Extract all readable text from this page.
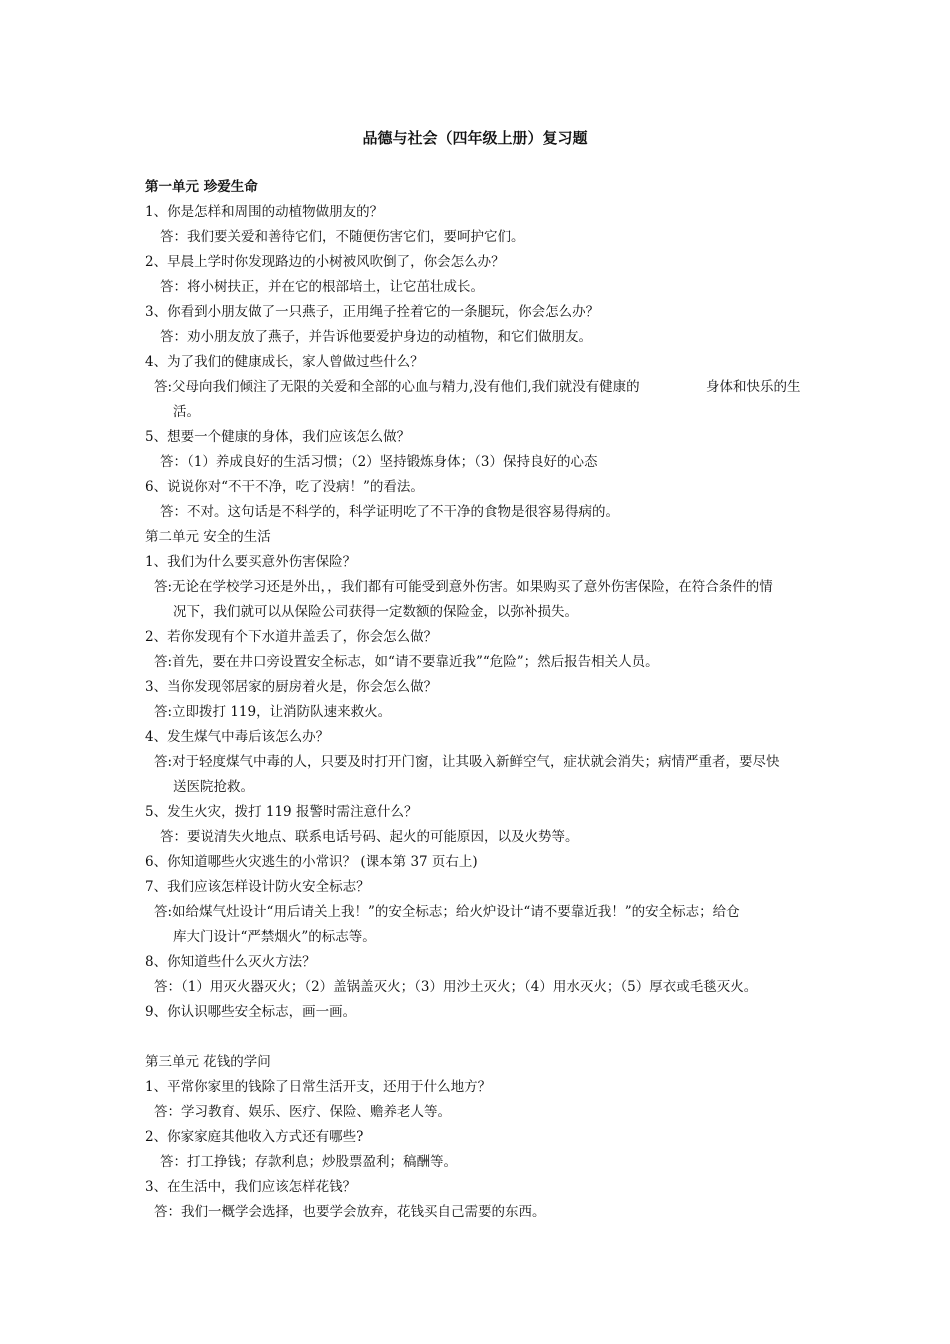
品德与社会（四年级上册）复习题
第一单元 珍爱生命
1、你是怎样和周围的动植物做朋友的？
答：我们要关爱和善待它们，不随便伤害它们，要呵护它们。
2、早晨上学时你发现路边的小树被风吹倒了，你会怎么办？
答：将小树扶正，并在它的根部培土，让它茁壮成长。
3、你看到小朋友做了一只燕子，正用绳子拴着它的一条腿玩，你会怎么办？
答：劝小朋友放了燕子，并告诉他要爱护身边的动植物，和它们做朋友。
4、为了我们的健康成长，家人曾做过些什么？
答:父母向我们倾注了无限的关爱和全部的心血与精力,没有他们,我们就没有健康的	身体和快乐的生
活。
5、想要一个健康的身体，我们应该怎么做？
答：（1）养成良好的生活习惯；（2）坚持锻炼身体；（3）保持良好的心态
6、说说你对“不干不净，吃了没病！”的看法。
答：不对。这句话是不科学的，科学证明吃了不干净的食物是很容易得病的。
第二单元 安全的生活
1、我们为什么要买意外伤害保险？
答:无论在学校学习还是外出，，我们都有可能受到意外伤害。如果购买了意外伤害保险，在符合条件的情
况下，我们就可以从保险公司获得一定数额的保险金，以弥补损失。
2、若你发现有个下水道井盖丢了，你会怎么做？
答:首先，要在井口旁设置安全标志，如“请不要靠近我”“危险”；然后报告相关人员。
3、当你发现邻居家的厨房着火是，你会怎么做？
答:立即拨打 119，让消防队速来救火。
4、发生煤气中毒后该怎么办？
答:对于轻度煤气中毒的人，只要及时打开门窗，让其吸入新鲜空气，症状就会消失；病情严重者，要尽快
送医院抢救。
5、发生火灾，拨打 119 报警时需注意什么？
答：要说清失火地点、联系电话号码、起火的可能原因，以及火势等。
6、你知道哪些火灾逃生的小常识？ (课本第 37 页右上)
7、我们应该怎样设计防火安全标志？
答:如给煤气灶设计“用后请关上我！”的安全标志；给火炉设计“请不要靠近我！”的安全标志；给仓
库大门设计“严禁烟火”的标志等。
8、你知道些什么灭火方法？
答：（1）用灭火器灭火；（2）盖锅盖灭火；（3）用沙土灭火；（4）用水灭火；（5）厚衣或毛毯灭火。
9、你认识哪些安全标志，画一画。
第三单元 花钱的学问
1、平常你家里的钱除了日常生活开支，还用于什么地方？
答：学习教育、娱乐、医疗、保险、赡养老人等。
2、你家家庭其他收入方式还有哪些?
答：打工挣钱；存款利息；炒股票盈利；稿酬等。
3、在生活中，我们应该怎样花钱？
答：我们一概学会选择，也要学会放弃，花钱买自己需要的东西。
